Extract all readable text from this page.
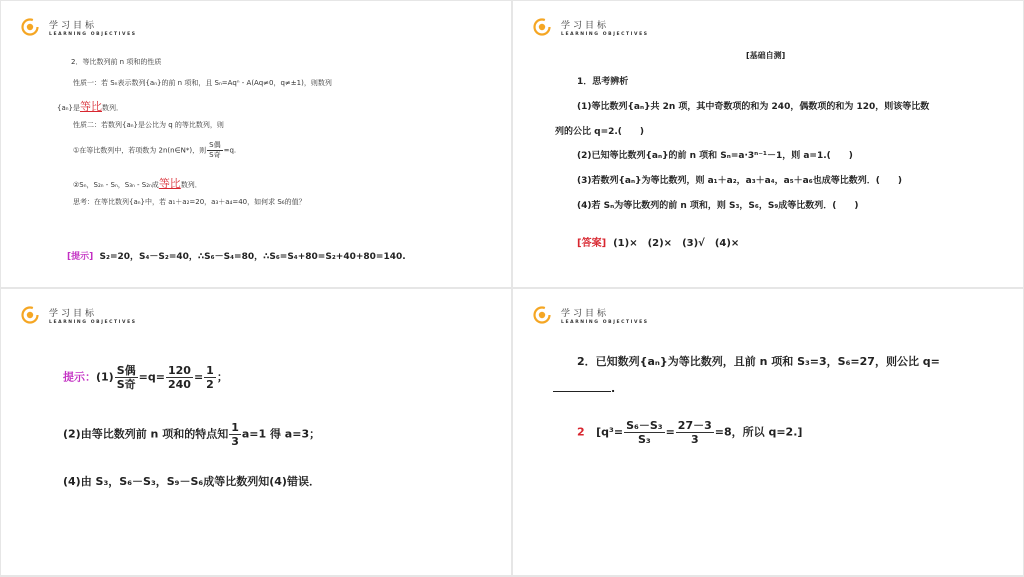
学习目标
LEARNING OBJECTIVES
2．等比数列前 n 项和的性质
性质一：若 Sₙ表示数列{aₙ}的前 n 项和，且 Sₙ=Aqⁿ - A(Aq≠0，q≠±1)，则数列
{aₙ}是等比数列．
性质二：若数列{aₙ}是公比为 q 的等比数列，则
①在等比数列中，若项数为 2n(n∈N*)，则 $\frac{\text{S偶}}{\text{S奇}} =q$.
②Sₙ，S₂ₙ - Sₙ，S₃ₙ - S₂ₙ成等比数列．
思考：在等比数列{aₙ}中，若 a₁＋a₂=20，a₃＋a₄=40，如何求 S₆的值？
[提示] S₂=20，S₄－S₂=40，∴S₆－S₄=80，∴S₆=S₄+80=S₂+40+80=140.
学习目标
LEARNING OBJECTIVES
[基础自测]
1．思考辨析
(1)等比数列{aₙ}共 2n 项，其中奇数项的和为 240，偶数项的和为 120，则该等比数
列的公比 q=2.(　　)
(2)已知等比数列{aₙ}的前 n 项和 Sₙ=a·3ⁿ⁻¹－1，则 a=1.(　　)
(3)若数列{aₙ}为等比数列，则 a₁＋a₂，a₃＋a₄，a₅＋a₆也成等比数列．(　　)
(4)若 Sₙ为等比数列的前 n 项和，则 S₃，S₆，S₉成等比数列．(　　)
[答案] (1)×　(2)×　(3)√　(4)×
学习目标
LEARNING OBJECTIVES
提示：$(1) \frac{\text{S偶}}{\text{S奇}} =q= \frac{120}{240} = \frac{1}{2}$ ；
(2)由等比数列前 n 项和的特点知 $\frac{1}{3} a=1$ 得 a=3；
(4)由 S₃，S₆－S₃，S₉－S₆成等比数列知(4)错误．
学习目标
LEARNING OBJECTIVES
2．已知数列{aₙ}为等比数列，且前 n 项和 S₃=3，S₆=27，则公比 q=
.
2 [$q^3= \frac{\text{S₆－S₃}}{\text{S₃}} = \frac{27-3}{3} =8$，所以 q=2.]
